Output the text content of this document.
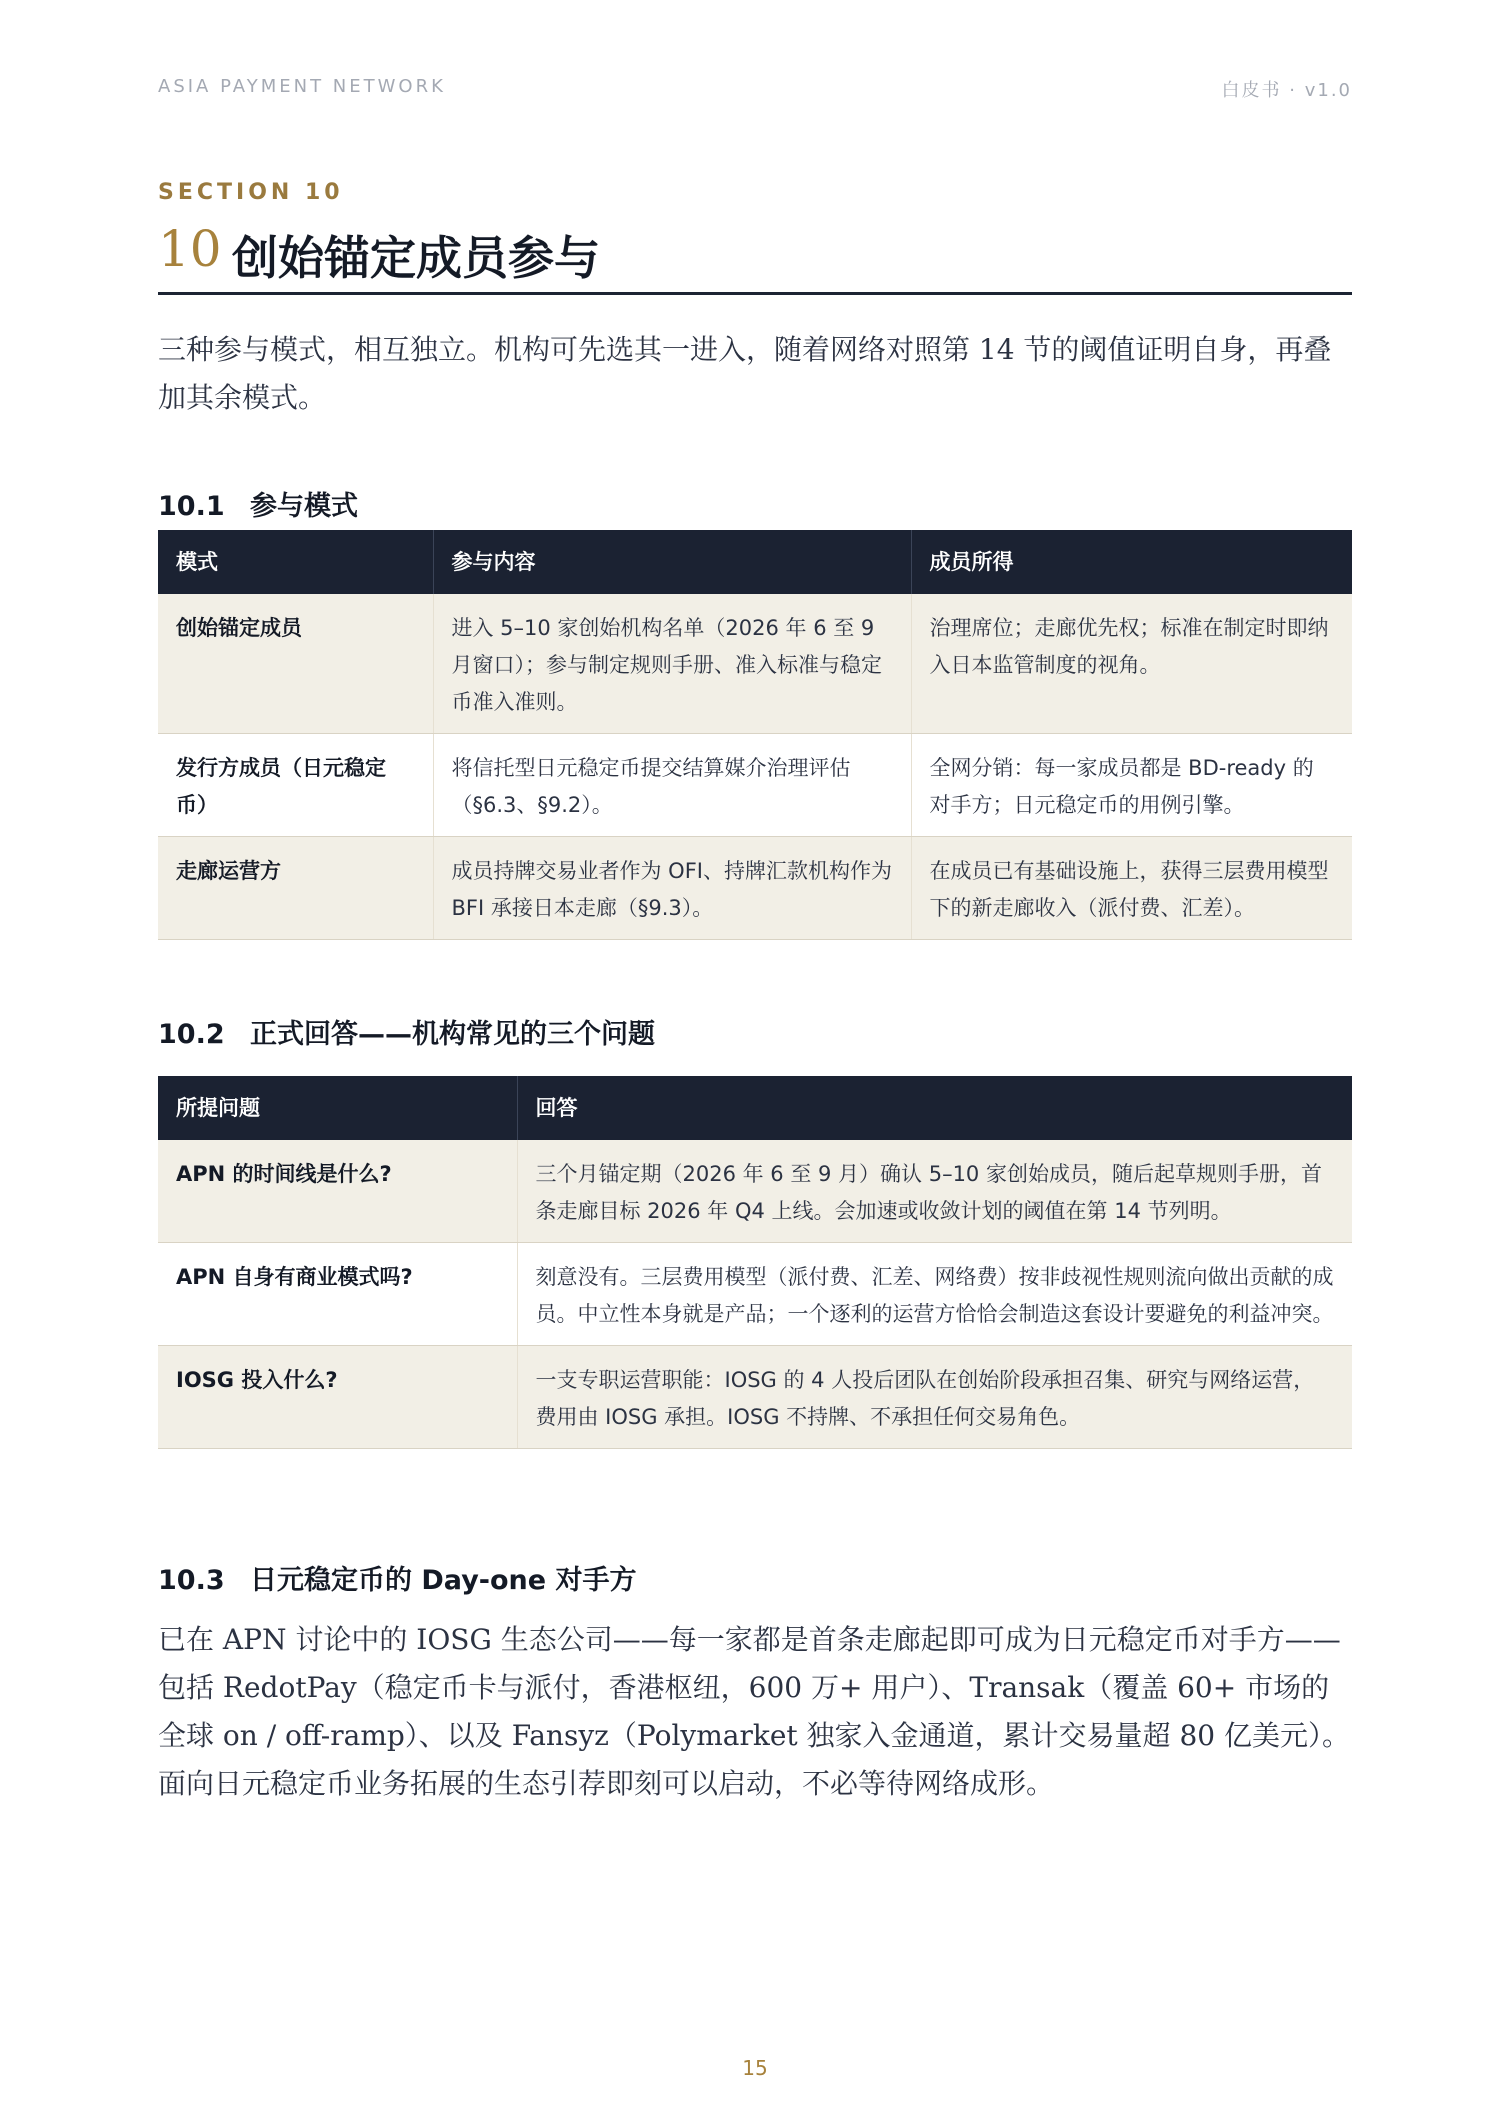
ASIA PAYMENT NETWORK	白皮书 · v1.0
SECTION 10
10 创始锚定成员参与

三种参与模式，相互独立。机构可先选其一进入，随着网络对照第 14 节的阈值证明自身，再叠加其余模式。

10.1 参与模式
模式	参与内容	成员所得
创始锚定成员	进入 5–10 家创始机构名单（2026 年 6 至 9 月窗口）；参与制定规则手册、准入标准与稳定币准入准则。	治理席位；走廊优先权；标准在制定时即纳入日本监管制度的视角。
发行方成员（日元稳定币）	将信托型日元稳定币提交结算媒介治理评估（§6.3、§9.2）。	全网分销：每一家成员都是 BD-ready 的对手方；日元稳定币的用例引擎。
走廊运营方	成员持牌交易业者作为 OFI、持牌汇款机构作为 BFI 承接日本走廊（§9.3）。	在成员已有基础设施上，获得三层费用模型下的新走廊收入（派付费、汇差）。
10.2 正式回答——机构常见的三个问题
所提问题	回答
APN 的时间线是什么?	三个月锚定期（2026 年 6 至 9 月）确认 5–10 家创始成员，随后起草规则手册，首条走廊目标 2026 年 Q4 上线。会加速或收敛计划的阈值在第 14 节列明。
APN 自身有商业模式吗?	刻意没有。三层费用模型（派付费、汇差、网络费）按非歧视性规则流向做出贡献的成员。中立性本身就是产品；一个逐利的运营方恰恰会制造这套设计要避免的利益冲突。
IOSG 投入什么?	一支专职运营职能：IOSG 的 4 人投后团队在创始阶段承担召集、研究与网络运营，费用由 IOSG 承担。IOSG 不持牌、不承担任何交易角色。
10.3 日元稳定币的 Day-one 对手方

已在 APN 讨论中的 IOSG 生态公司——每一家都是首条走廊起即可成为日元稳定币对手方——包括 RedotPay（稳定币卡与派付，香港枢纽，600 万+ 用户）、Transak（覆盖 60+ 市场的全球 on / off-ramp）、以及 Fansyz（Polymarket 独家入金通道，累计交易量超 80 亿美元）。面向日元稳定币业务拓展的生态引荐即刻可以启动，不必等待网络成形。

15
